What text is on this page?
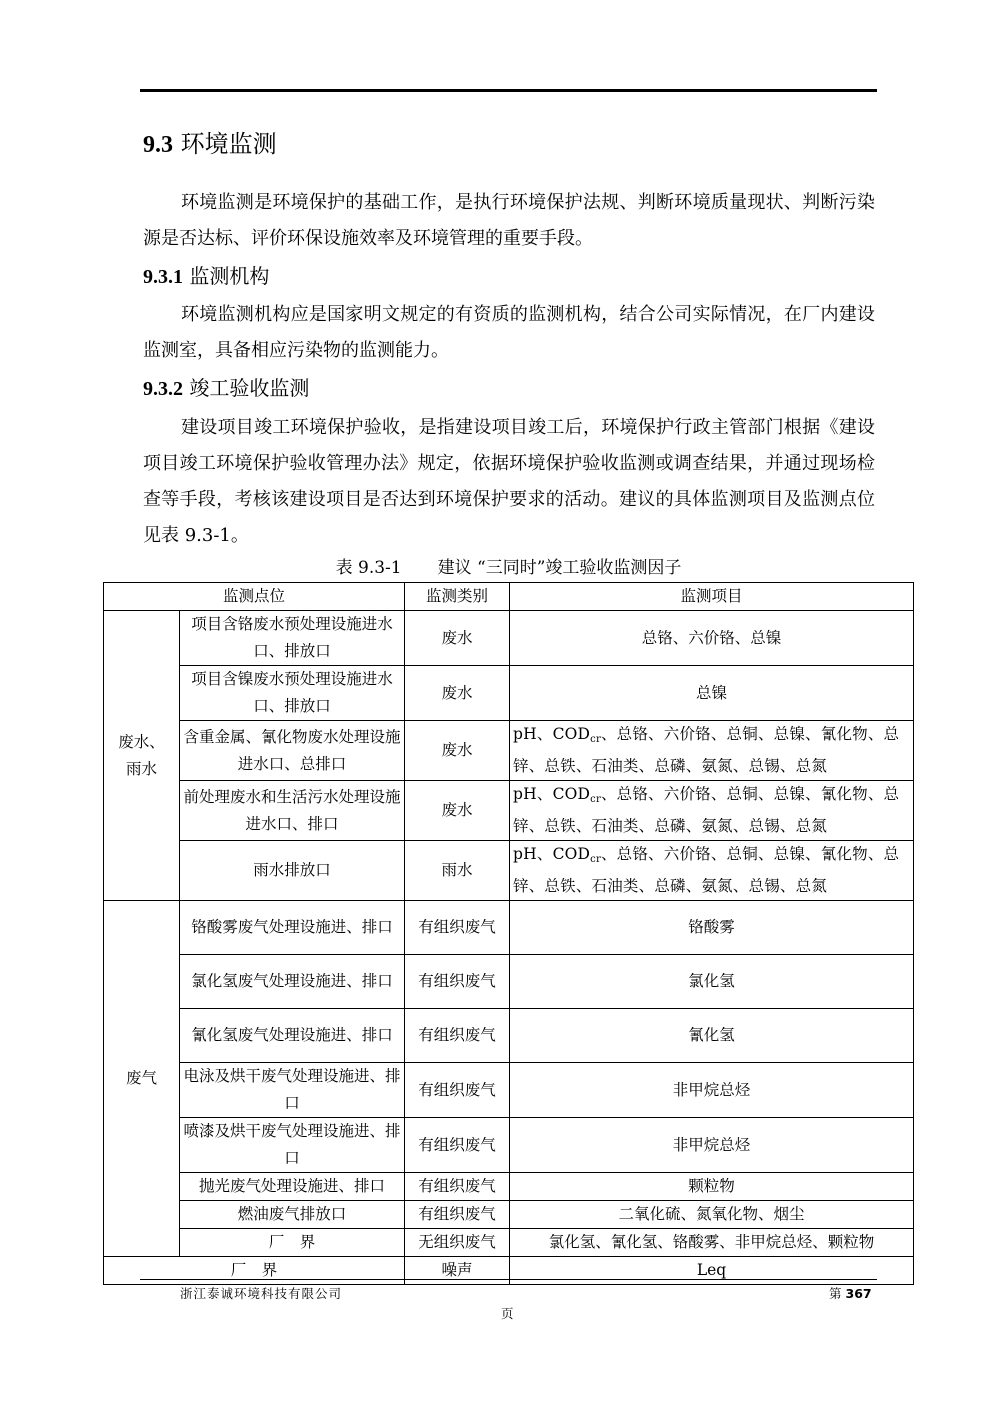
9.3 环境监测
环境监测是环境保护的基础工作，是执行环境保护法规、判断环境质量现状、判断污染源是否达标、评价环保设施效率及环境管理的重要手段。
9.3.1 监测机构
环境监测机构应是国家明文规定的有资质的监测机构，结合公司实际情况，在厂内建设监测室，具备相应污染物的监测能力。
9.3.2 竣工验收监测
建设项目竣工环境保护验收，是指建设项目竣工后，环境保护行政主管部门根据《建设项目竣工环境保护验收管理办法》规定，依据环境保护验收监测或调查结果，并通过现场检查等手段，考核该建设项目是否达到环境保护要求的活动。建议的具体监测项目及监测点位见表 9.3-1。
表 9.3-1 建议 “三同时”竣工验收监测因子
监测点位		监测类别	监测项目
废水、雨水	项目含铬废水预处理设施进水口、排放口	废水	总铬、六价铬、总镍
	项目含镍废水预处理设施进水口、排放口	废水	总镍
	含重金属、氰化物废水处理设施进水口、总排口	废水	pH、$COD_{cr}$、总铬、六价铬、总铜、总镍、氰化物、总锌、总铁、石油类、总磷、氨氮、总锡、总氮
	前处理废水和生活污水处理设施进水口、排口	废水	pH、$COD_{cr}$、总铬、六价铬、总铜、总镍、氰化物、总锌、总铁、石油类、总磷、氨氮、总锡、总氮
	雨水排放口	雨水	pH、$COD_{cr}$、总铬、六价铬、总铜、总镍、氰化物、总锌、总铁、石油类、总磷、氨氮、总锡、总氮
废气	铬酸雾废气处理设施进、排口	有组织废气	铬酸雾
	氯化氢废气处理设施进、排口	有组织废气	氯化氢
	氰化氢废气处理设施进、排口	有组织废气	氰化氢
	电泳及烘干废气处理设施进、排口	有组织废气	非甲烷总烃
	喷漆及烘干废气处理设施进、排口	有组织废气	非甲烷总烃
	抛光废气处理设施进、排口	有组织废气	颗粒物
	燃油废气排放口	有组织废气	二氧化硫、氮氧化物、烟尘
	厂　界	无组织废气	氯化氢、氰化氢、铬酸雾、非甲烷总烃、颗粒物
厂　界		噪声	Leq
浙江泰诚环境科技有限公司	第 367
页
